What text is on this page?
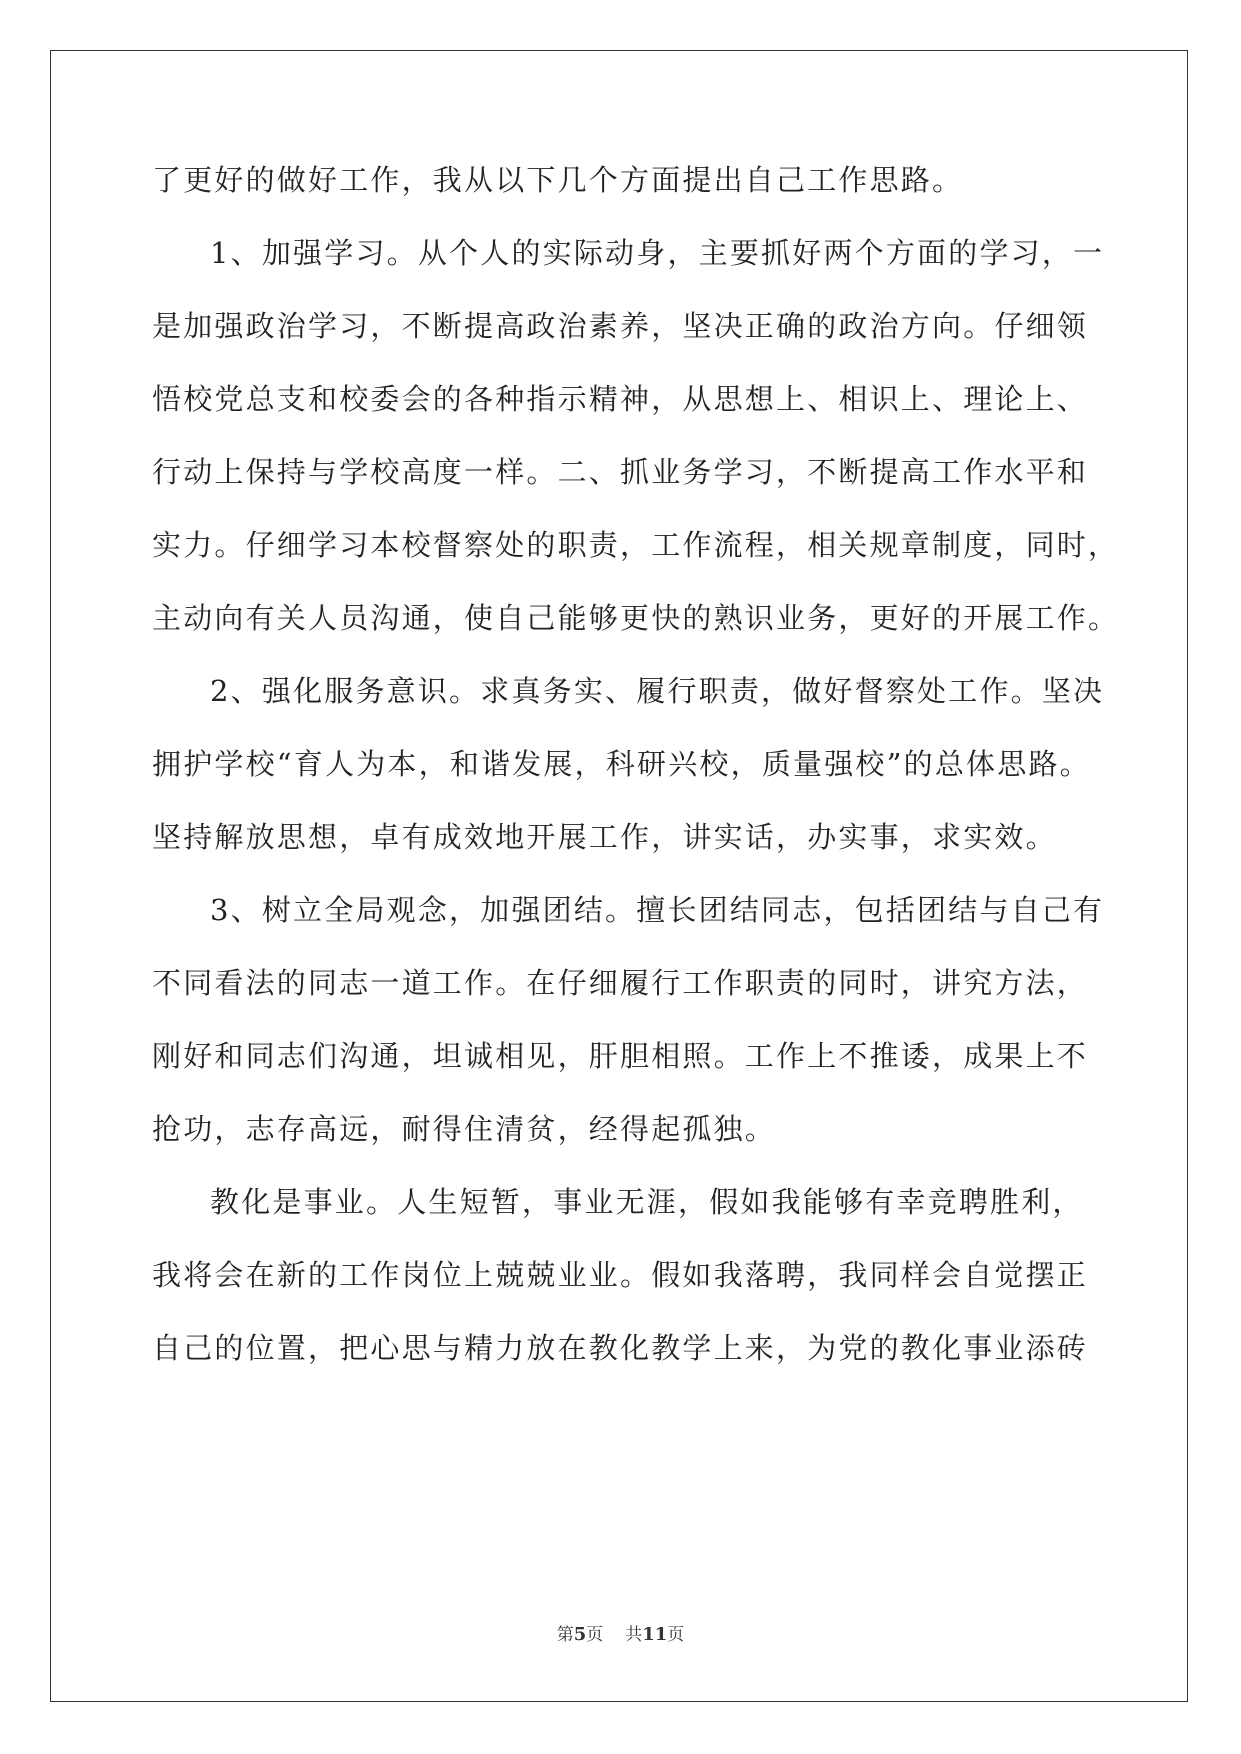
了更好的做好工作，我从以下几个方面提出自己工作思路。
1、加强学习。从个人的实际动身，主要抓好两个方面的学习，一
是加强政治学习，不断提高政治素养，坚决正确的政治方向。仔细领
悟校党总支和校委会的各种指示精神，从思想上、相识上、理论上、
行动上保持与学校高度一样。二、抓业务学习，不断提高工作水平和
实力。仔细学习本校督察处的职责，工作流程，相关规章制度，同时，
主动向有关人员沟通，使自己能够更快的熟识业务，更好的开展工作。
2、强化服务意识。求真务实、履行职责，做好督察处工作。坚决
拥护学校“育人为本，和谐发展，科研兴校，质量强校”的总体思路。
坚持解放思想，卓有成效地开展工作，讲实话，办实事，求实效。
3、树立全局观念，加强团结。擅长团结同志，包括团结与自己有
不同看法的同志一道工作。在仔细履行工作职责的同时，讲究方法，
刚好和同志们沟通，坦诚相见，肝胆相照。工作上不推诿，成果上不
抢功，志存高远，耐得住清贫，经得起孤独。
教化是事业。人生短暂，事业无涯，假如我能够有幸竞聘胜利，
我将会在新的工作岗位上兢兢业业。假如我落聘，我同样会自觉摆正
自己的位置，把心思与精力放在教化教学上来，为党的教化事业添砖
第5页 共11页
